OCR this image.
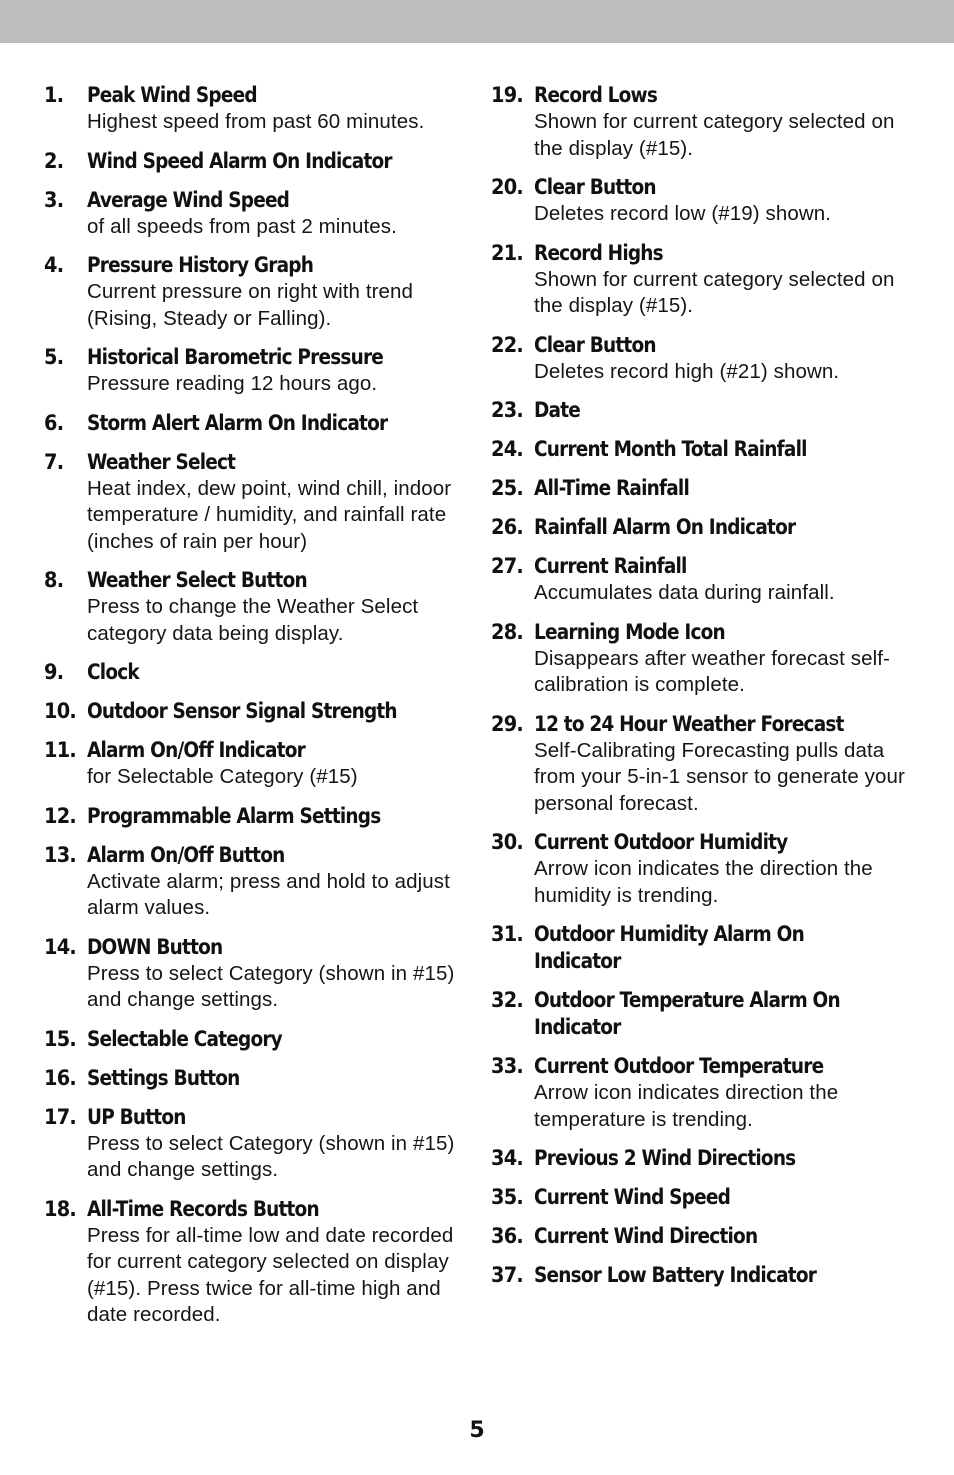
1.	Peak Wind Speed
Highest speed from past 60 minutes.
2.	Wind Speed Alarm On Indicator
3.	Average Wind Speed
of all speeds from past 2 minutes.
4.	Pressure History Graph
Current pressure on right with trend (Rising, Steady or Falling).
5.	Historical Barometric Pressure
Pressure reading 12 hours ago.
6.	Storm Alert Alarm On Indicator
7.	Weather Select
Heat index, dew point, wind chill, indoor temperature / humidity, and rainfall rate (inches of rain per hour)
8.	Weather Select Button
Press to change the Weather Select category data being display.
9.	Clock
10. Outdoor Sensor Signal Strength
11. Alarm On/Off Indicator
for Selectable Category (#15)
12. Programmable Alarm Settings
13. Alarm On/Off Button
Activate alarm; press and hold to adjust alarm values.
14. DOWN Button
Press to select Category (shown in #15) and change settings.
15. Selectable Category
16. Settings Button
17. UP Button
Press to select Category (shown in #15) and change settings.
18. All-Time Records Button
Press for all-time low and date recorded for current category selected on display (#15). Press twice for all-time high and date recorded.
19. Record Lows
Shown for current category selected on the display (#15).
20. Clear Button
Deletes record low (#19) shown.
21. Record Highs
Shown for current category selected on the display (#15).
22. Clear Button
Deletes record high (#21) shown.
23. Date
24. Current Month Total Rainfall
25. All-Time Rainfall
26. Rainfall Alarm On Indicator
27. Current Rainfall
Accumulates data during rainfall.
28. Learning Mode Icon
Disappears after weather forecast self-calibration is complete.
29. 12 to 24 Hour Weather Forecast
Self-Calibrating Forecasting pulls data from your 5-in-1 sensor to generate your personal forecast.
30. Current Outdoor Humidity
Arrow icon indicates the direction the humidity is trending.
31. Outdoor Humidity Alarm On Indicator
32. Outdoor Temperature Alarm On Indicator
33. Current Outdoor Temperature
Arrow icon indicates direction the temperature is trending.
34. Previous 2 Wind Directions
35. Current Wind Speed
36. Current Wind Direction
37. Sensor Low Battery Indicator
5
